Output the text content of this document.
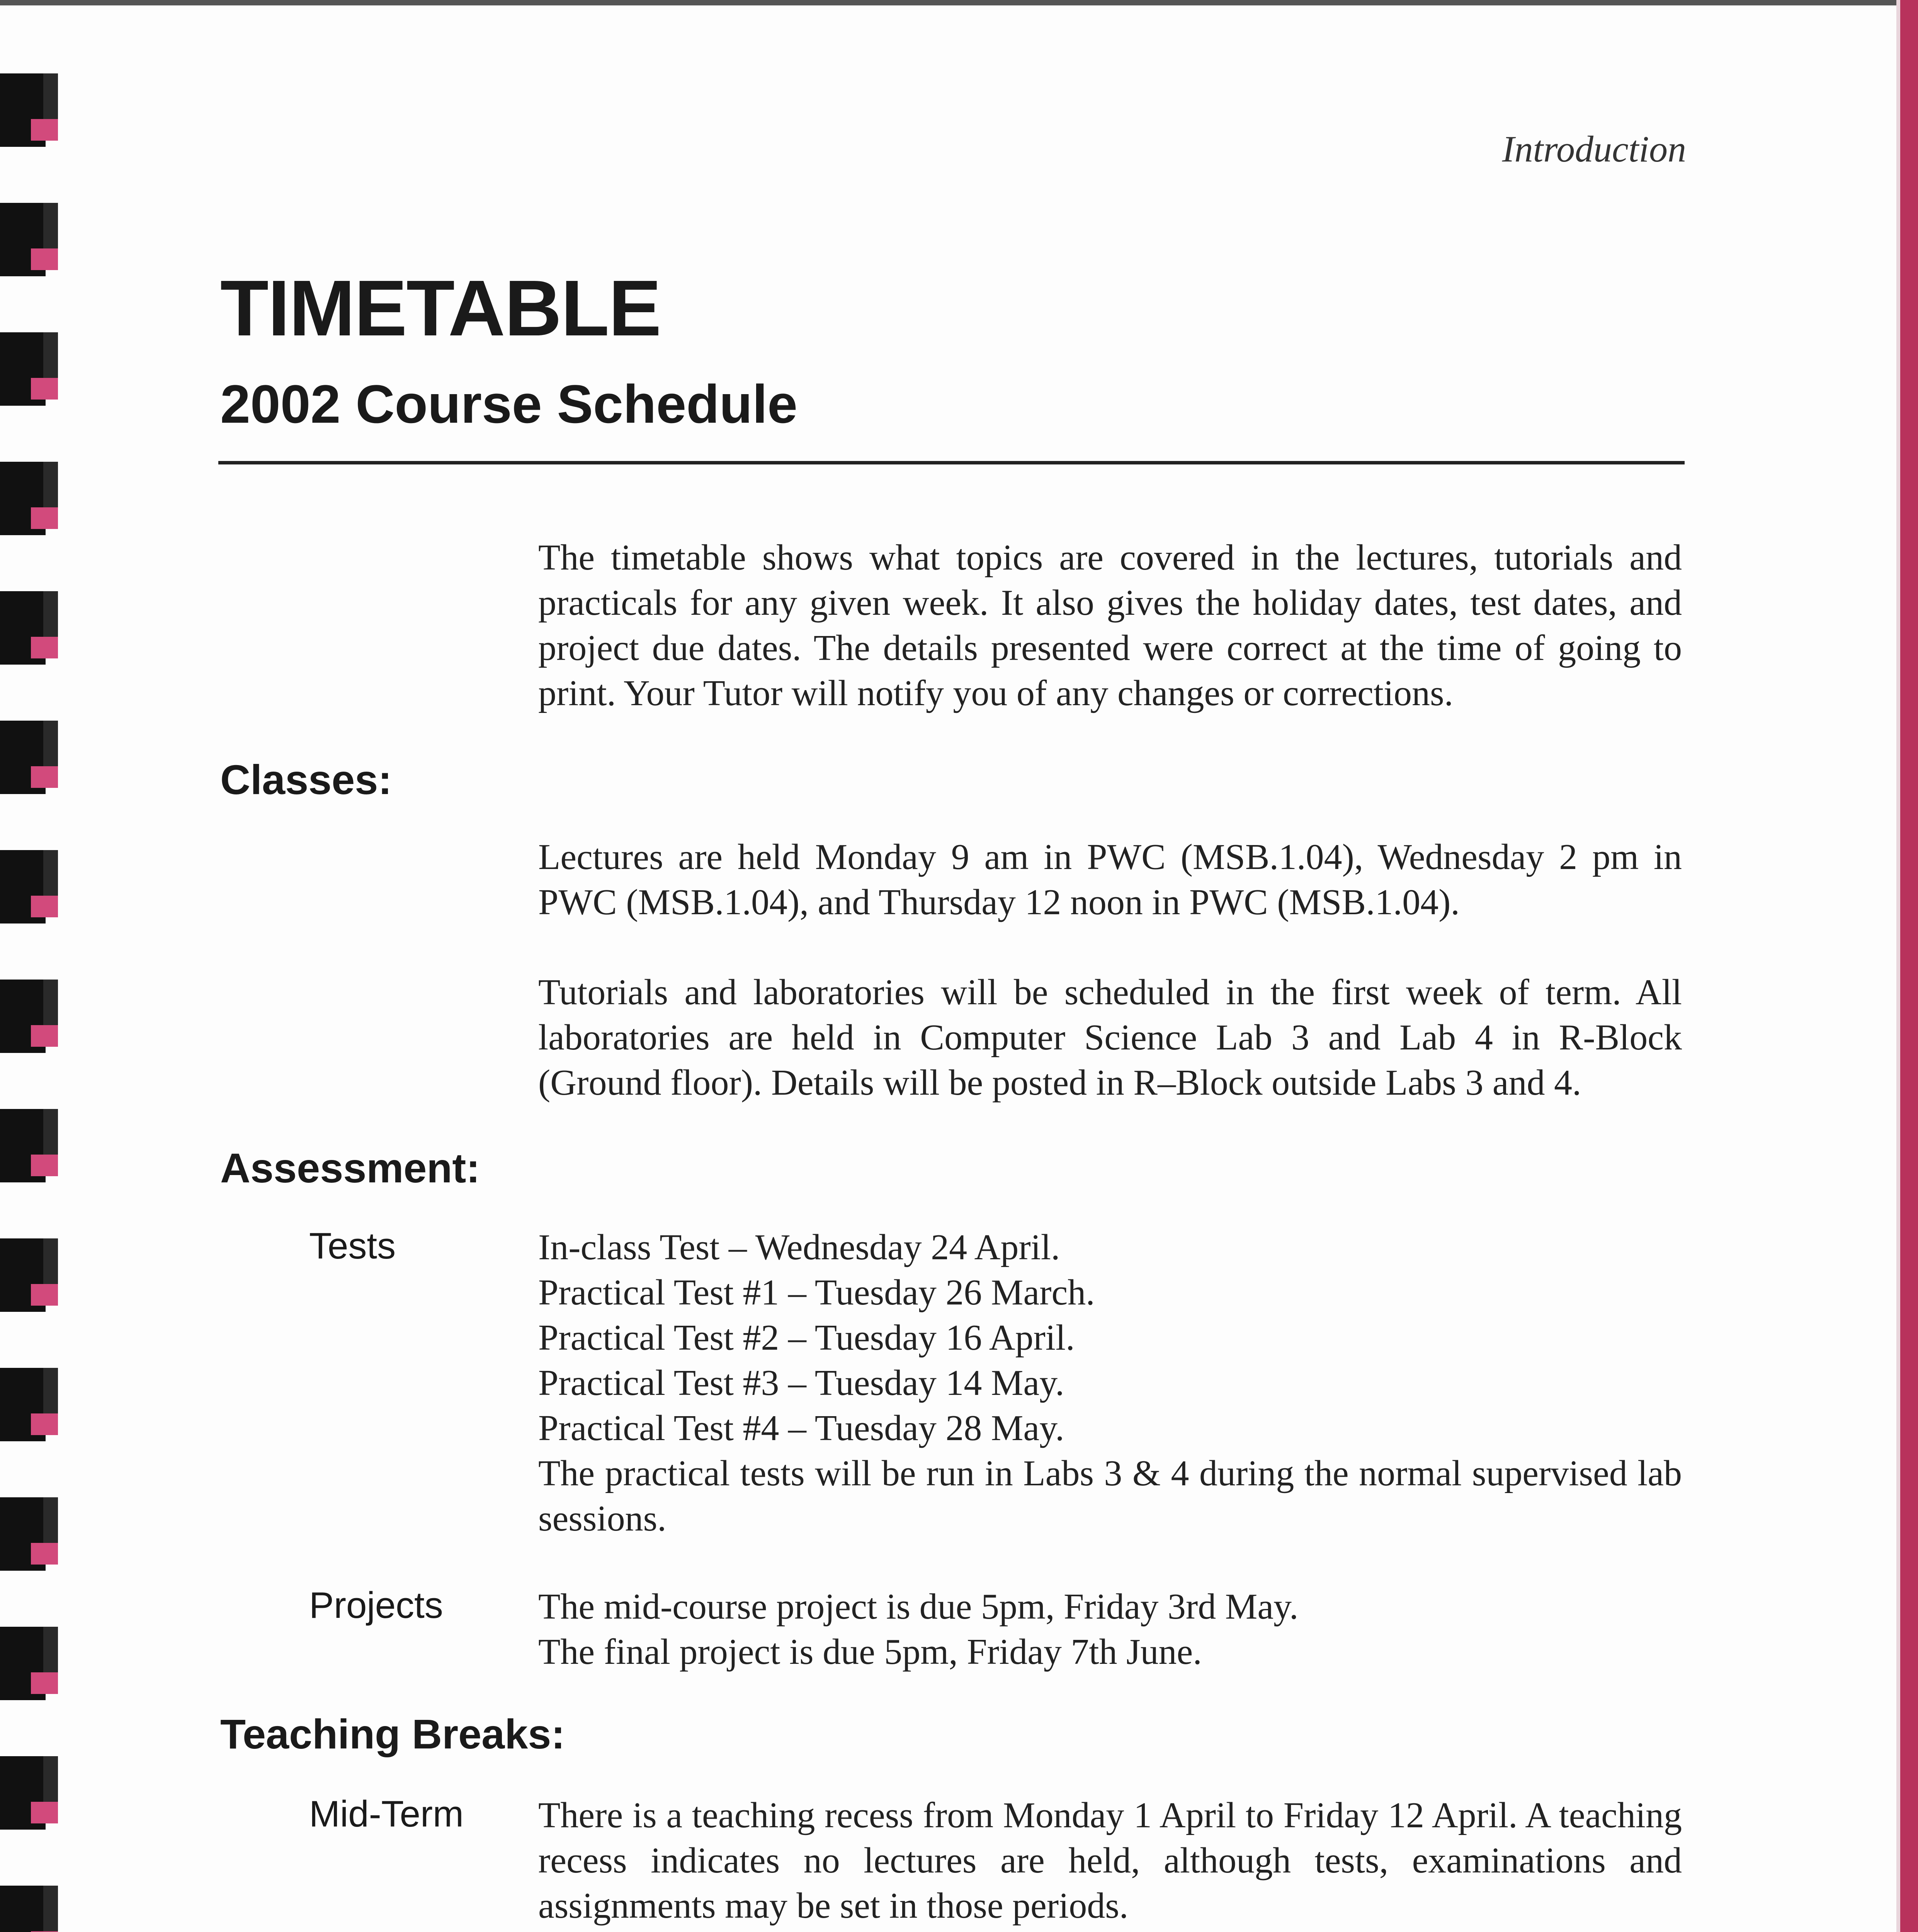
Introduction
TIMETABLE
2002 Course Schedule
The timetable shows what topics are covered in the lectures, tutorials and practicals for any given week. It also gives the holiday dates, test dates, and project due dates. The details presented were correct at the time of going to print. Your Tutor will notify you of any changes or corrections.
Classes:
Lectures are held Monday 9 am in PWC (MSB.1.04), Wednesday 2 pm in PWC (MSB.1.04), and Thursday 12 noon in PWC (MSB.1.04).
Tutorials and laboratories will be scheduled in the first week of term. All laboratories are held in Computer Science Lab 3 and Lab 4 in R-Block (Ground floor). Details will be posted in R–Block outside Labs 3 and 4.
Assessment:
Tests	In-class Test – Wednesday 24 April.
Practical Test #1 – Tuesday 26 March.
Practical Test #2 – Tuesday 16 April.
Practical Test #3 – Tuesday 14 May.
Practical Test #4 – Tuesday 28 May.
The practical tests will be run in Labs 3 & 4 during the normal supervised lab sessions.
Projects	The mid-course project is due 5pm, Friday 3rd May.
The final project is due 5pm, Friday 7th June.
Teaching Breaks:
Mid-Term There is a teaching recess from Monday 1 April to Friday 12 April. A teaching recess indicates no lectures are held, although tests, examinations and assignments may be set in those periods.
